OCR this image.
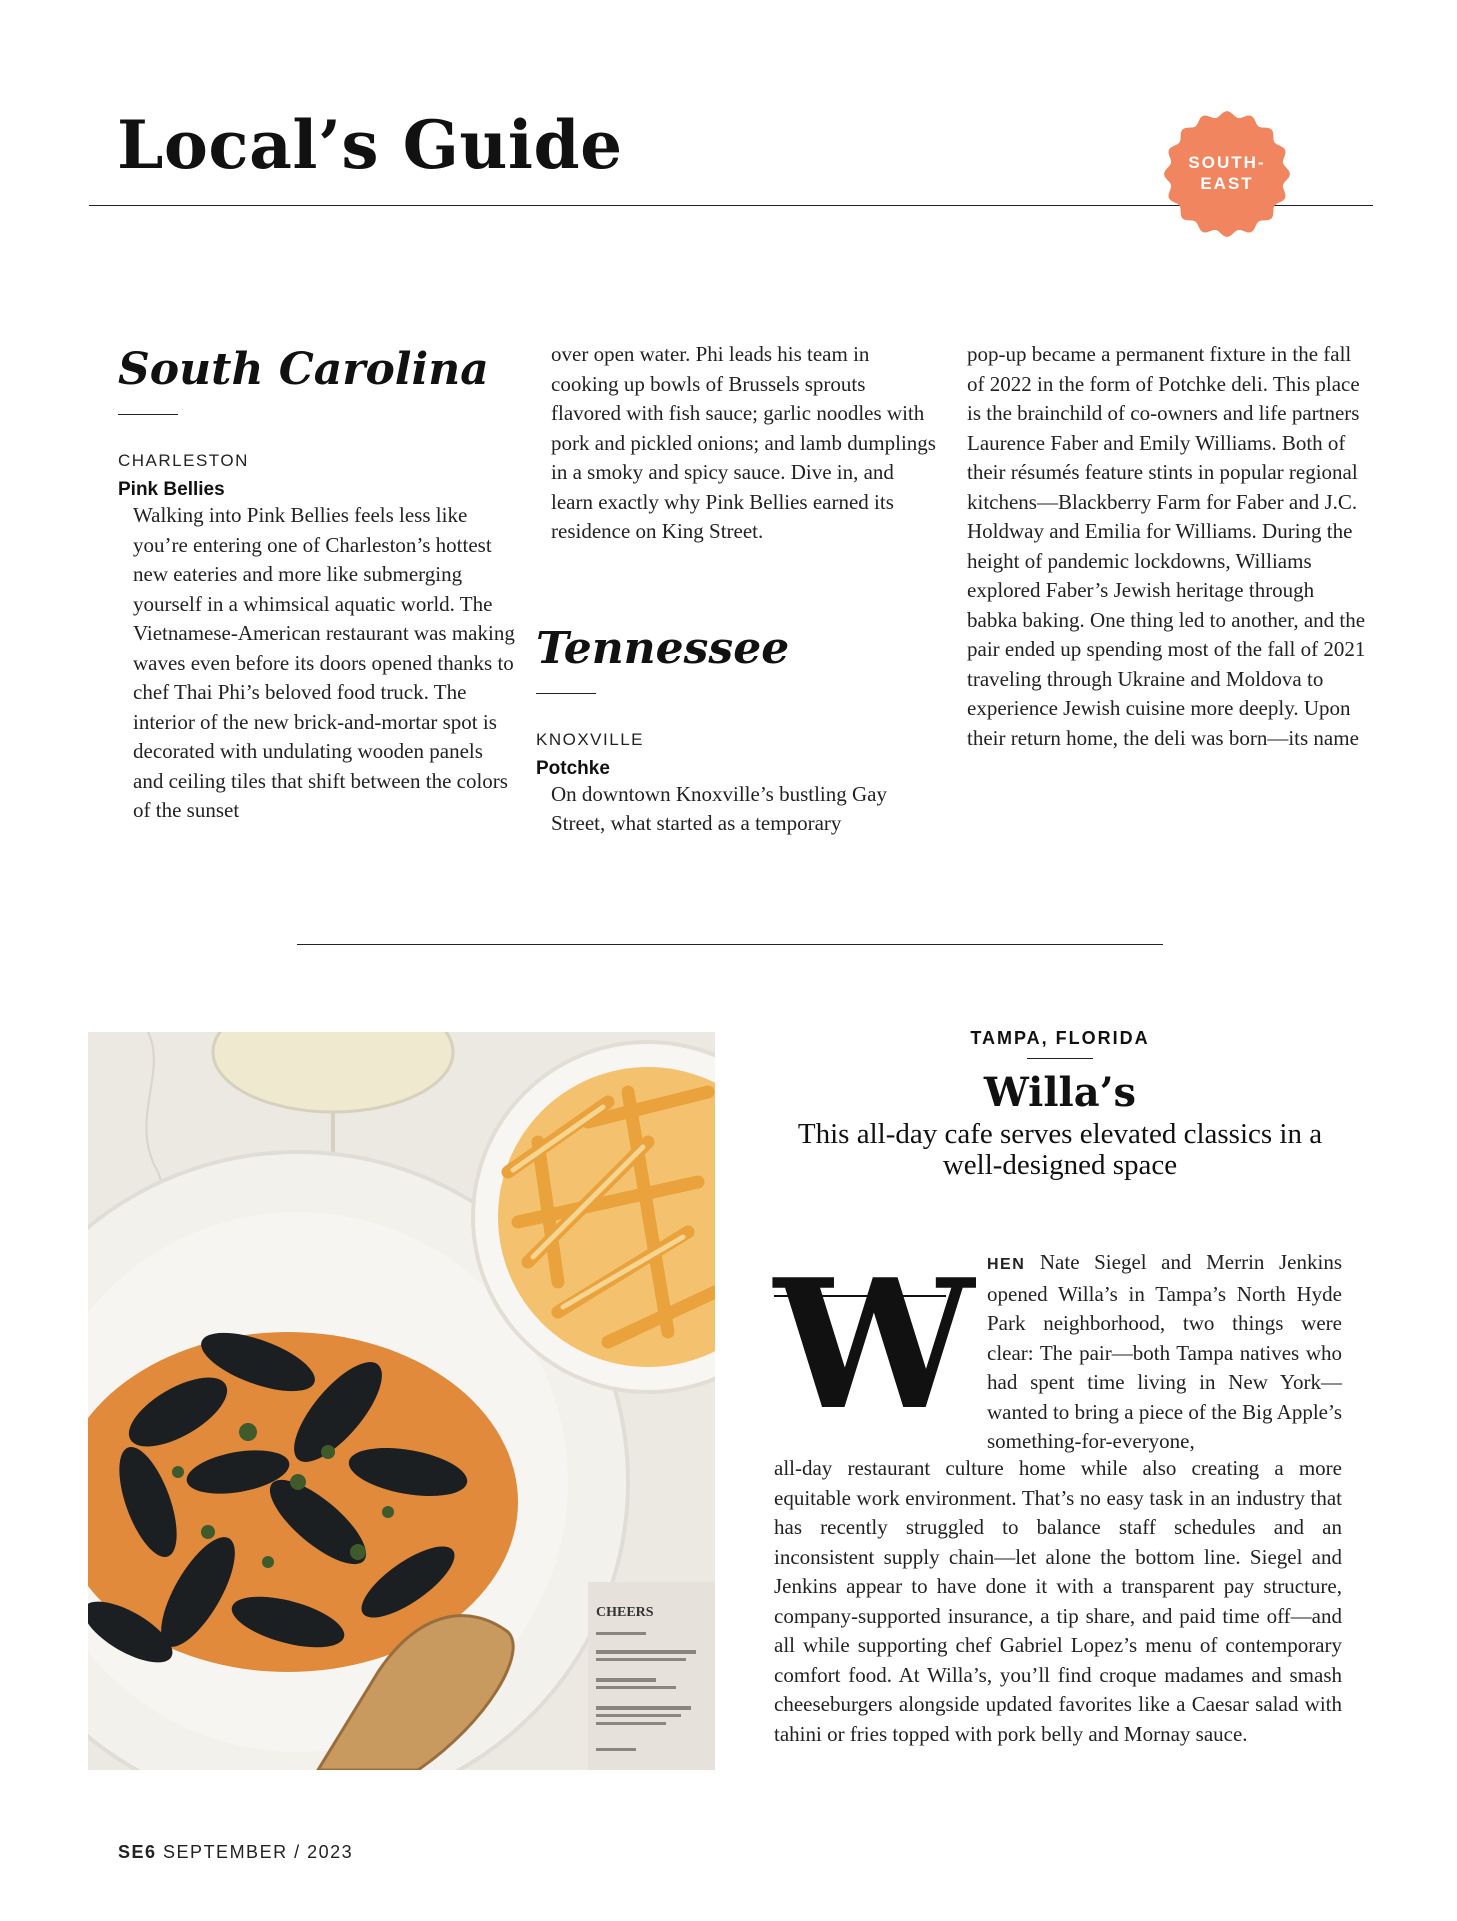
Local’s Guide	SOUTH-
EAST
South Carolina
CHARLESTON
Pink Bellies

Walking into Pink Bellies feels less like you’re entering one of Charleston’s hottest new eateries and more like submerging yourself in a whimsical aquatic world. The Vietnamese-American restaurant was making waves even before its doors opened thanks to chef Thai Phi’s beloved food truck. The interior of the new brick-and-mortar spot is decorated with undulating wooden panels and ceiling tiles that shift between the colors of the sunset

over open water. Phi leads his team in cooking up bowls of Brussels sprouts flavored with fish sauce; garlic noodles with pork and pickled onions; and lamb dumplings in a smoky and spicy sauce. Dive in, and learn exactly why Pink Bellies earned its residence on King Street.

Tennessee
KNOXVILLE
Potchke

On downtown Knoxville’s bustling Gay Street, what started as a temporary

pop-up became a permanent fixture in the fall of 2022 in the form of Potchke deli. This place is the brainchild of co-owners and life partners Laurence Faber and Emily Williams. Both of their résumés feature stints in popular regional kitchens—Blackberry Farm for Faber and J.C. Holdway and Emilia for Williams. During the height of pandemic lockdowns, Williams explored Faber’s Jewish heritage through babka baking. One thing led to another, and the pair ended up spending most of the fall of 2021 traveling through Ukraine and Moldova to experience Jewish cuisine more deeply. Upon their return home, the deli was born—its name

CHEERS
TAMPA, FLORIDA
Willa’s
This all-day cafe serves elevated classics in a well-designed space
W HEN Nate Siegel and Merrin Jenkins opened Willa’s in Tampa’s North Hyde Park neighborhood, two things were clear: The pair—both Tampa natives who had spent time living in New York—wanted to bring a piece of the Big Apple’s something-for-everyone,
all-day restaurant culture home while also creating a more equitable work environment. That’s no easy task in an industry that has recently struggled to balance staff schedules and an inconsistent supply chain—let alone the bottom line. Siegel and Jenkins appear to have done it with a transparent pay structure, company-supported insurance, a tip share, and paid time off—and all while supporting chef Gabriel Lopez’s menu of contemporary comfort food. At Willa’s, you’ll find croque madames and smash cheeseburgers alongside updated favorites like a Caesar salad with tahini or fries topped with pork belly and Mornay sauce.
SE6 SEPTEMBER / 2023
